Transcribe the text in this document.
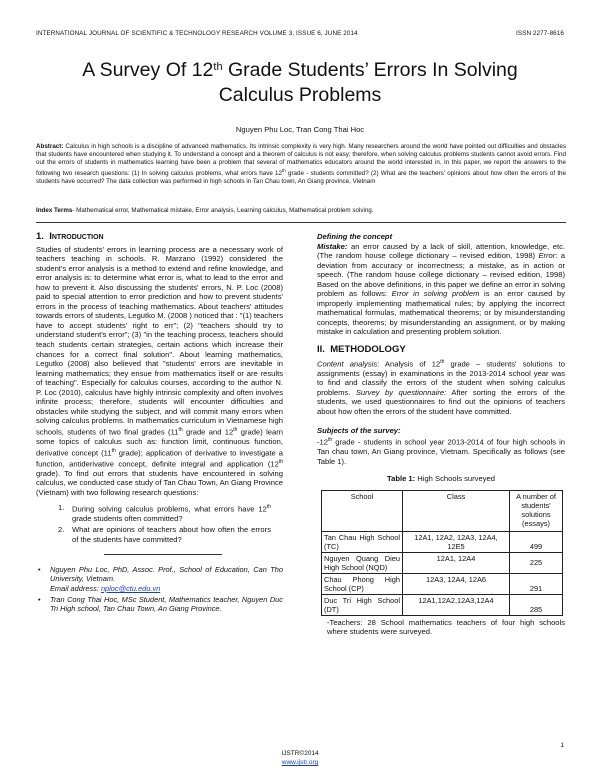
INTERNATIONAL JOURNAL OF SCIENTIFIC & TECHNOLOGY RESEARCH VOLUME 3, ISSUE 6, JUNE 2014	ISSN 2277-8616
A Survey Of 12th Grade Students’ Errors In Solving
Calculus Problems
Nguyen Phu Loc, Tran Cong Thai Hoc
Abstract: Calculus in high schools is a discipline of advanced mathematics. Its intrinsic complexity is very high. Many researchers around the world have pointed out difficulties and obstacles that students have encountered when studying it. To understand a concept and a theorem of calculus is not easy; therefore, when solving calculus problems students cannot avoid errors. Find out the errors of students in mathematics learning have been a problem that several of mathematics educators around the world interested in. In this paper, we report the answers to the following two research questions: (1) In solving calculus problems, what errors have 12th grade - students committed? (2) What are the teachers' opinions about how often the errors of the students have occurred? The data collection was performed in high schools in Tan Chau town, An Giang province, Vietnam
Index Terms- Mathematical error, Mathematical mistake, Error analysis, Learning calculus, Mathematical problem solving.
1. Introduction
Studies of students' errors in learning process are a necessary work of teachers teaching in schools. R. Marzano (1992) considered the student's error analysis is a method to extend and refine knowledge, and error analysis is: to determine what error is, what to lead to the error and how to prevent it. Also discussing the students' errors, N. P. Loc (2008) paid to special attention to error prediction and how to prevent students' errors in the process of teaching mathematics. About teachers' attitudes towards errors of students, Legutko M. (2008 ) noticed that : "(1) teachers have to accept students' right to err"; (2) "teachers should try to understand student's error"; (3) "in the teaching process, teachers should teach students certain strategies, certain actions which increase their chances for a correct final solution". About learning mathematics, Legutko (2008) also believed that "students' errors are inevitable in learning mathematics; they ensue from mathematics itself or are results of teaching". Especially for calculus courses, according to the author N. P. Loc (2010), calculus have highly intrinsic complexity and often involves infinite process; therefore, students will encounter difficulties and obstacles while studying the subject, and will commit many errors when solving calculus problems. In mathematics curriculum in Vietnamese high schools, students of two final grades (11th grade and 12th grade) learn some topics of calculus such as: function limit, continuous function, derivative concept (11th grade); application of derivative to investigate a function, antiderivative concept, definite integral and application (12th grade). To find out errors that students have encountered in solving calculus, we conducted case study of Tan Chau Town, An Giang Province (Vietnam) with two following research questions:
1. During solving calculus problems, what errors have 12th grade students often committed?
2. What are opinions of teachers about how often the errors of the students have committed?
• Nguyen Phu Loc, PhD, Assoc. Prof., School of Education, Can Tho University, Vietnam.
Email address: nploc@ctu.edu.vn
• Tran Cong Thai Hoc, MSc Student, Mathematics teacher, Nguyen Duc Tri High school, Tan Chau Town, An Giang Province.
Defining the concept
Mistake: an error caused by a lack of skill, attention, knowledge, etc. (The random house college dictionary – revised edition, 1998) Error: a deviation from accuracy or incorrectness; a mistake, as in action or speech. (The random house college dictionary – revised edition, 1998) Based on the above definitions, in this paper we define an error in solving problem as follows: Error in solving problem is an error caused by improperly implementing mathematical rules; by applying the incorrect mathematical formulas, mathematical theorems; or by misunderstanding concepts, theorems; by misunderstanding an assignment, or by making mistake in calculation and presenting problem solution.
II. METHODOLOGY
Content analysis: Analysis of 12th grade – students' solutions to assignments (essay) in examinations in the 2013-2014 school year was to find and classify the errors of the student when solving calculus problems. Survey by questionnaire: After sorting the errors of the students, we used questionnaires to find out the opinions of teachers about how often the errors of the student have committed.
Subjects of the survey:
-12th grade - students in school year 2013-2014 of four high schools in Tan chau town, An Giang province, Vietnam. Specifically as follows (see Table 1).
Table 1: High Schools surveyed
School	Class	A number of students' solutions (essays)
Tan Chau High School (TC)	12A1, 12A2, 12A3, 12A4, 12E5	499
Nguyen Quang Dieu High School (NQD)	12A1, 12A4	225
Chau Phong High School (CP)	12A3, 12A4, 12A6	291
Duc Tri High School (DT)	12A1,12A2,12A3,12A4	285
-Teachers: 28 School mathematics teachers of four high schools where students were surveyed.
1
IJSTR©2014
www.ijstr.org
